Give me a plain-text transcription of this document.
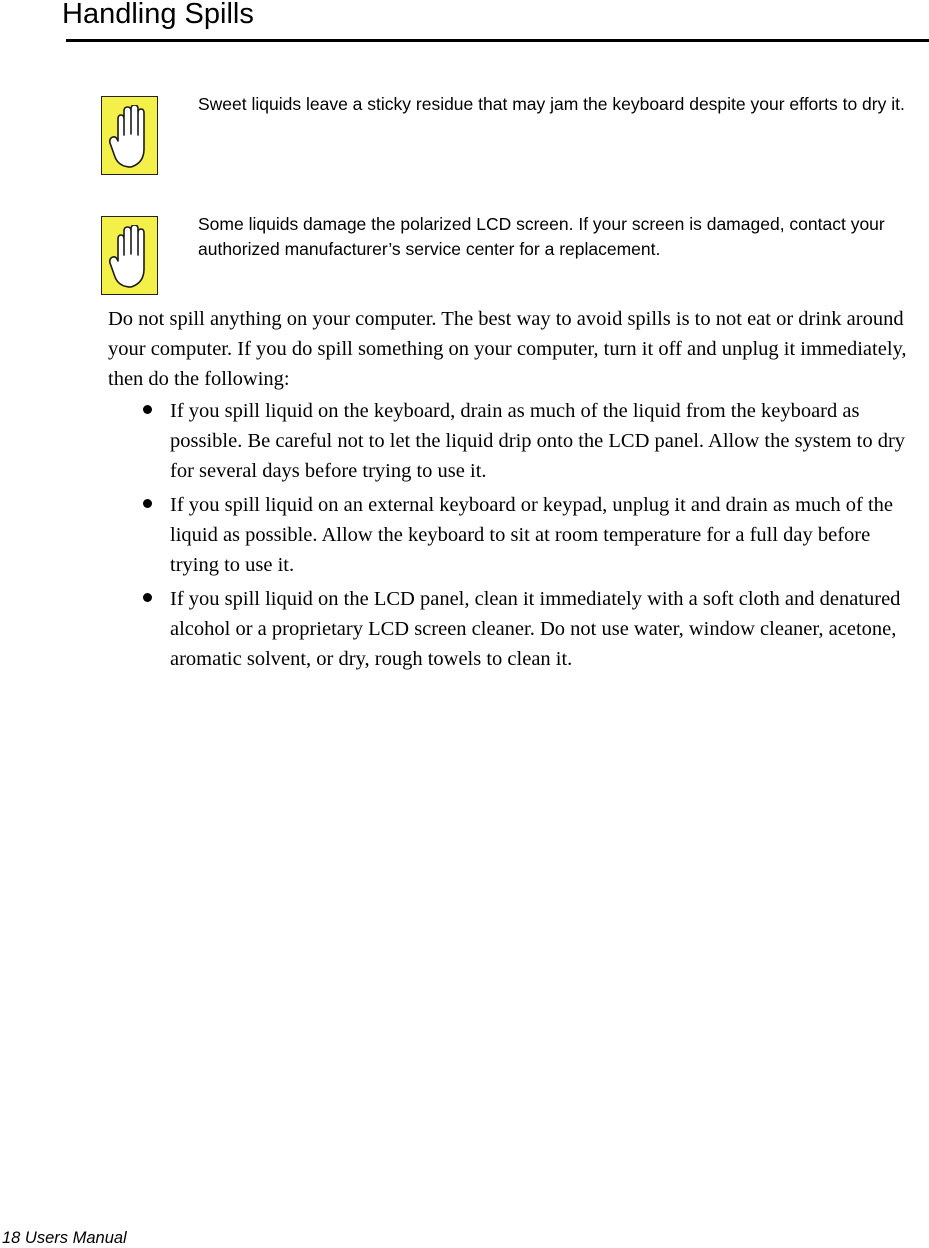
Handling Spills
Sweet liquids leave a sticky residue that may jam the keyboard despite your efforts to dry it.
Some liquids damage the polarized LCD screen. If your screen is damaged, contact your authorized manufacturer’s service center for a replacement.

Do not spill anything on your computer. The best way to avoid spills is to not eat or drink around your computer. If you do spill something on your computer, turn it off and unplug it immediately, then do the following:

If you spill liquid on the keyboard, drain as much of the liquid from the keyboard as possible. Be careful not to let the liquid drip onto the LCD panel. Allow the system to dry for several days before trying to use it.
If you spill liquid on an external keyboard or keypad, unplug it and drain as much of the liquid as possible. Allow the keyboard to sit at room temperature for a full day before trying to use it.
If you spill liquid on the LCD panel, clean it immediately with a soft cloth and denatured alcohol or a proprietary LCD screen cleaner. Do not use water, window cleaner, acetone, aromatic solvent, or dry, rough towels to clean it.
18 Users Manual
